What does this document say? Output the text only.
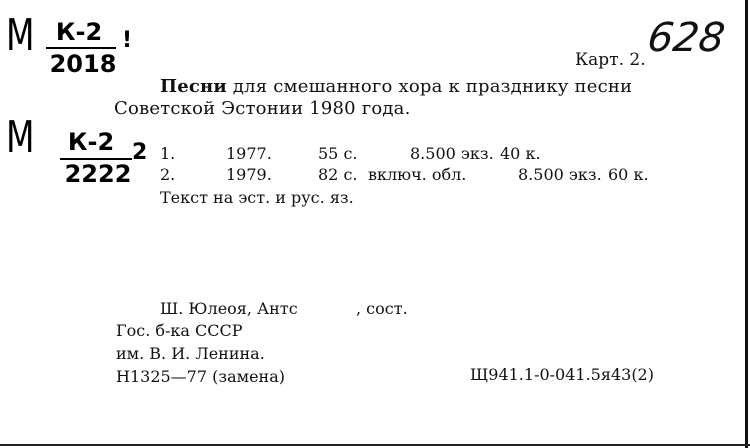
М К-2
2018
!
М	К-2
2222
2
Карт. 2. 628
Песни для смешанного хора к празднику песни
Советской Эстонии 1980 года.
1.	1977.	55 с.	8.500 экз. 40 к.
2.	1979.	82 с. включ. обл.	8.500 экз. 60 к.
Текст на эст. и рус. яз.
Ш. Юлеоя, Антс	, сост.
Гос. б-ка СССР
им. В. И. Ленина.
Н1325—77 (замена)	Щ941.1-0-041.5я43(2)
